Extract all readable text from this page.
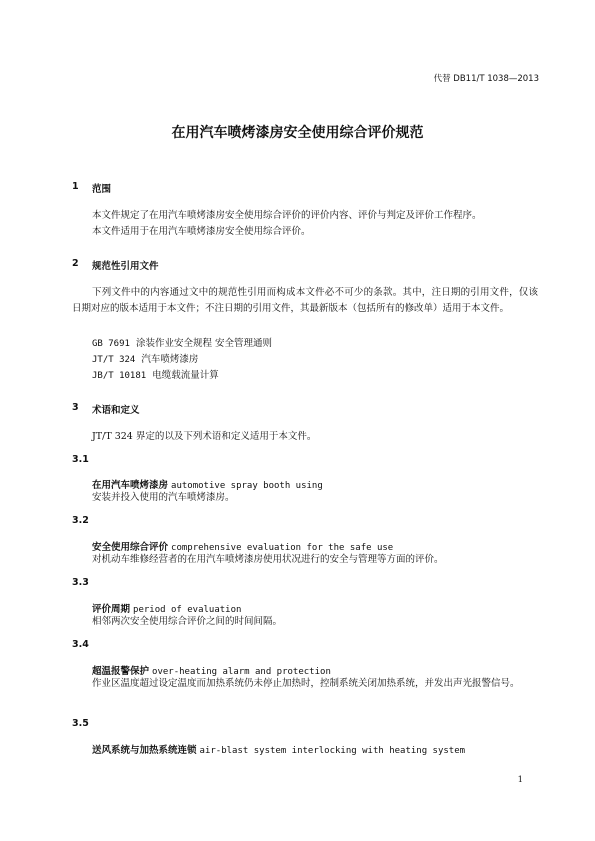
代替 DB11/T 1038—2013
在用汽车喷烤漆房安全使用综合评价规范
1 范围
本文件规定了在用汽车喷烤漆房安全使用综合评价的评价内容、评价与判定及评价工作程序。
本文件适用于在用汽车喷烤漆房安全使用综合评价。
2 规范性引用文件
下列文件中的内容通过文中的规范性引用而构成本文件必不可少的条款。其中，注日期的引用文件，仅该日期对应的版本适用于本文件；不注日期的引用文件，其最新版本（包括所有的修改单）适用于本文件。
GB 7691 涂装作业安全规程 安全管理通则
JT/T 324 汽车喷烤漆房
JB/T 10181 电缆载流量计算
3 术语和定义
JT/T 324 界定的以及下列术语和定义适用于本文件。
3.1
在用汽车喷烤漆房 automotive spray booth using
安装并投入使用的汽车喷烤漆房。
3.2
安全使用综合评价 comprehensive evaluation for the safe use
对机动车维修经营者的在用汽车喷烤漆房使用状况进行的安全与管理等方面的评价。
3.3
评价周期 period of evaluation
相邻两次安全使用综合评价之间的时间间隔。
3.4
超温报警保护 over-heating alarm and protection
作业区温度超过设定温度而加热系统仍未停止加热时，控制系统关闭加热系统，并发出声光报警信号。
3.5
送风系统与加热系统连锁 air-blast system interlocking with heating system
1
